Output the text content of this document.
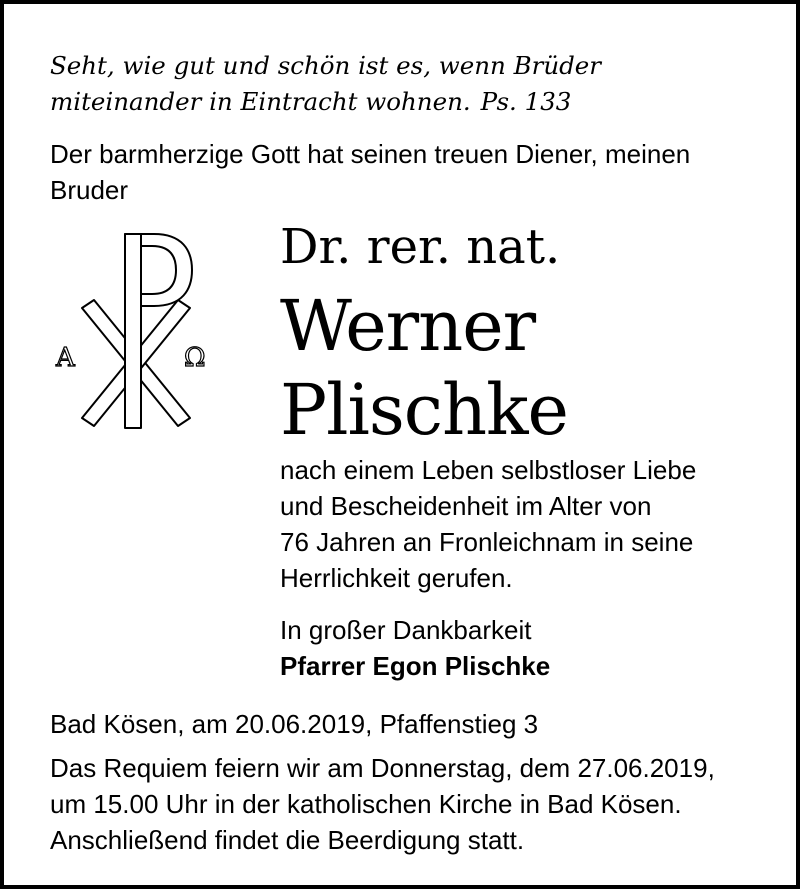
Seht, wie gut und schön ist es, wenn Brüder
miteinander in Eintracht wohnen. Ps. 133
Der barmherzige Gott hat seinen treuen Diener, meinen Bruder
A	Ω
Dr. rer. nat.
Werner
Plischke
nach einem Leben selbstloser Liebe
und Bescheidenheit im Alter von
76 Jahren an Fronleichnam in seine
Herrlichkeit gerufen.
In großer Dankbarkeit
Pfarrer Egon Plischke
Bad Kösen, am 20.06.2019, Pfaffenstieg 3
Das Requiem feiern wir am Donnerstag, dem 27.06.2019,
um 15.00 Uhr in der katholischen Kirche in Bad Kösen.
Anschließend findet die Beerdigung statt.
